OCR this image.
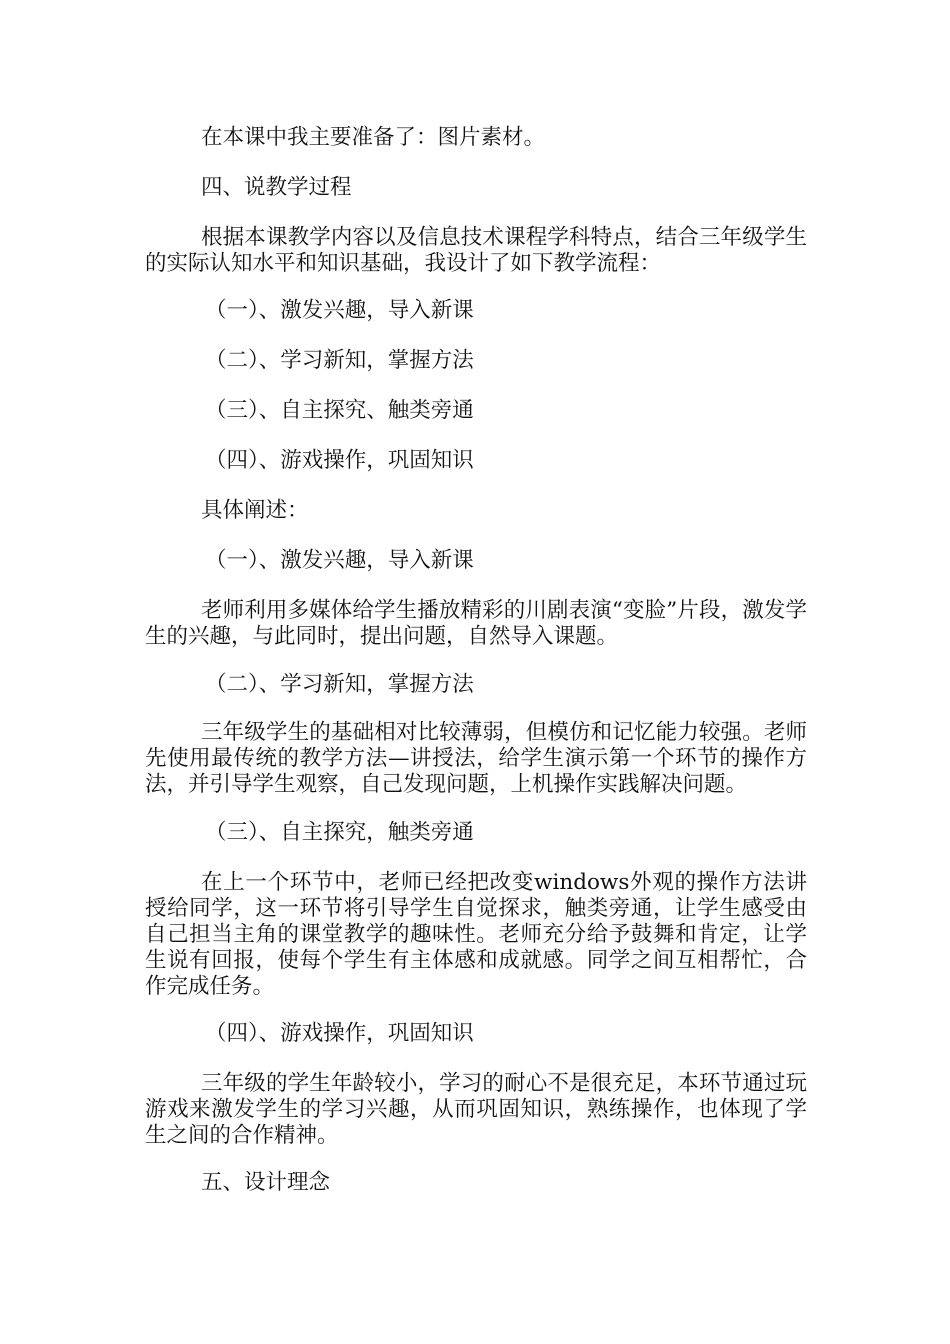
在本课中我主要准备了：图片素材。
四、说教学过程
根据本课教学内容以及信息技术课程学科特点，结合三年级学生的实际认知水平和知识基础，我设计了如下教学流程：
（一）、激发兴趣，导入新课
（二）、学习新知，掌握方法
（三）、自主探究、触类旁通
（四）、游戏操作，巩固知识
具体阐述：
（一）、激发兴趣，导入新课
老师利用多媒体给学生播放精彩的川剧表演“变脸”片段，激发学生的兴趣，与此同时，提出问题，自然导入课题。
（二）、学习新知，掌握方法
三年级学生的基础相对比较薄弱，但模仿和记忆能力较强。老师先使用最传统的教学方法—讲授法，给学生演示第一个环节的操作方法，并引导学生观察，自己发现问题，上机操作实践解决问题。
（三）、自主探究，触类旁通
在上一个环节中，老师已经把改变windows外观的操作方法讲授给同学，这一环节将引导学生自觉探求，触类旁通，让学生感受由自己担当主角的课堂教学的趣味性。老师充分给予鼓舞和肯定，让学生说有回报，使每个学生有主体感和成就感。同学之间互相帮忙，合作完成任务。
（四）、游戏操作，巩固知识
三年级的学生年龄较小，学习的耐心不是很充足，本环节通过玩游戏来激发学生的学习兴趣，从而巩固知识，熟练操作，也体现了学生之间的合作精神。
五、设计理念
